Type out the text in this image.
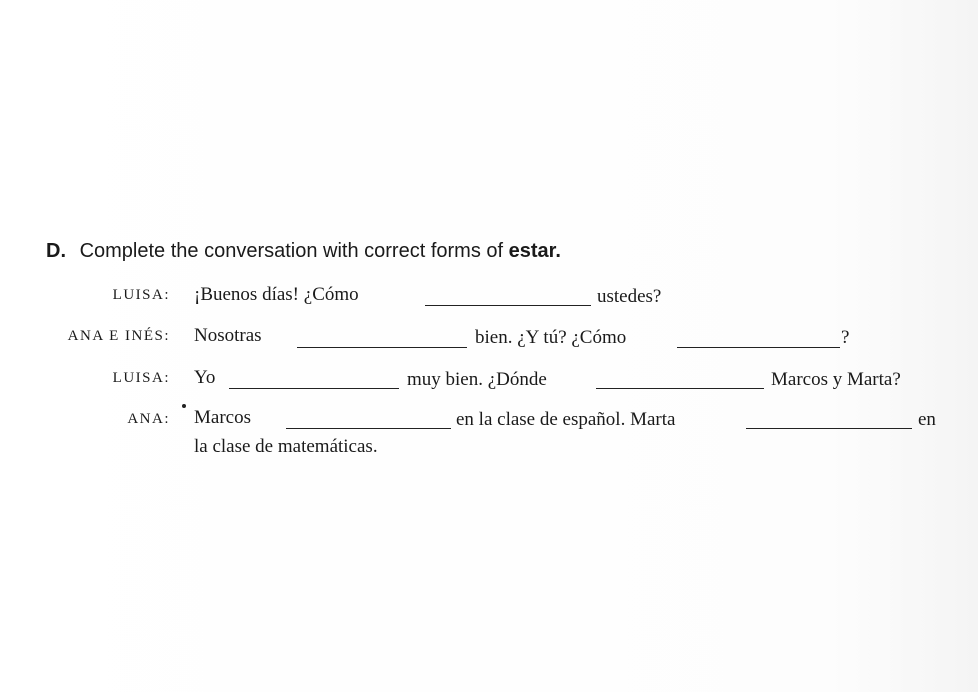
D. Complete the conversation with correct forms of estar.
LUISA: ¡Buenos días! ¿Cómo	ustedes?
ANA E INÉS: Nosotras	bien. ¿Y tú? ¿Cómo	?
LUISA: Yo	muy bien. ¿Dónde	Marcos y Marta?
ANA: Marcos	en la clase de español. Marta	en
la clase de matemáticas.
